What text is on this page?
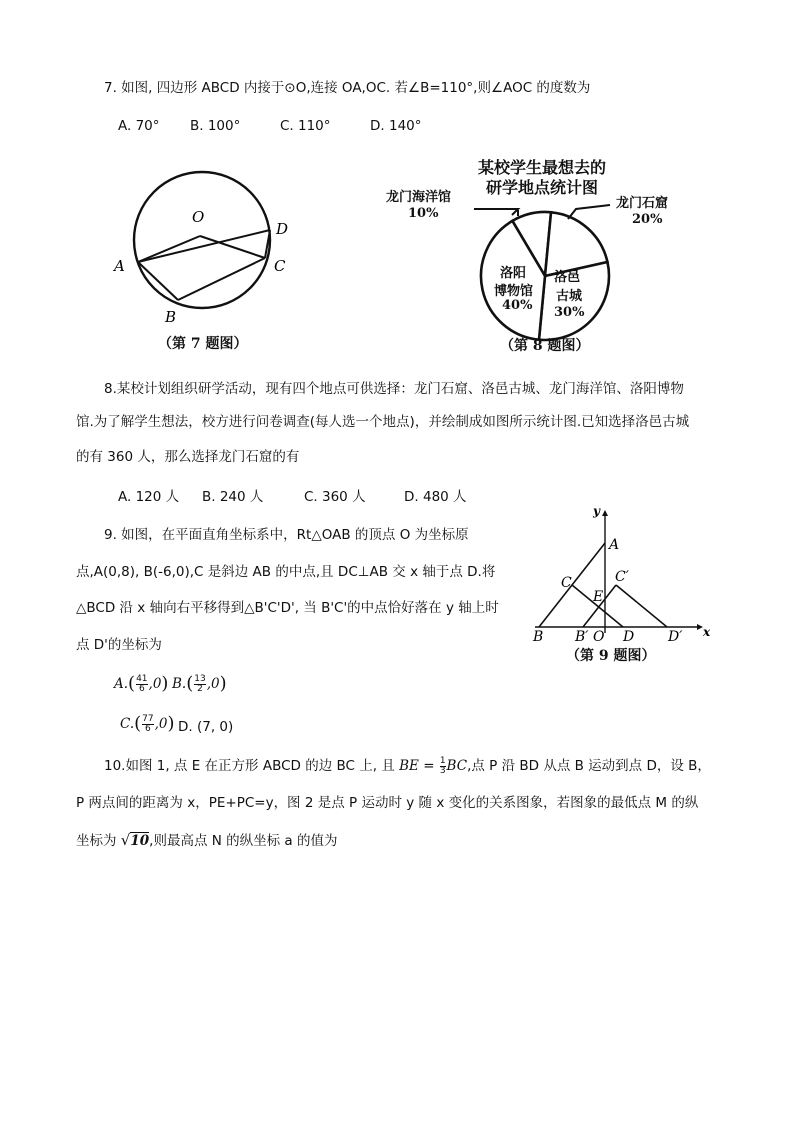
7. 如图, 四边形 ABCD 内接于⊙O,连接 OA,OC. 若∠B=110°,则∠AOC 的度数为
A. 70° B. 100°	C. 110°	D. 140°
O
A
B
C
D
（第 7 题图）
某校学生最想去的
研学地点统计图
龙门海洋馆
10%
龙门石窟
20%
洛阳
博物馆
40%
洛邑
古城
30%
（第 8 题图）
8.某校计划组织研学活动，现有四个地点可供选择：龙门石窟、洛邑古城、龙门海洋馆、洛阳博物
馆.为了解学生想法，校方进行问卷调查(每人选一个地点)，并绘制成如图所示统计图.已知选择洛邑古城
的有 360 人，那么选择龙门石窟的有
A. 120 人 B. 240 人	C. 360 人	D. 480 人
9. 如图，在平面直角坐标系中，Rt△OAB 的顶点 O 为坐标原
点,A(0,8), B(-6,0),C 是斜边 AB 的中点,且 DC⊥AB 交 x 轴于点 D.将
△BCD 沿 x 轴向右平移得到△B'C'D', 当 B'C'的中点恰好落在 y 轴上时
点 D'的坐标为
$A.( \frac{41}{6} ,0)$ $B.( \frac{13}{2} ,0)$
$C.( \frac{77}{6} ,0)$ D. (7, 0)
y
x
A
C	C′
E
B B′ O D D′
（第 9 题图）
10.如图 1, 点 E 在正方形 ABCD 的边 BC 上, 且 BE = $\frac{1}{3}$ BC,点 P 沿 BD 从点 B 运动到点 D，设 B，
P 两点间的距离为 x，PE+PC=y，图 2 是点 P 运动时 y 随 x 变化的关系图象，若图象的最低点 M 的纵
坐标为 √10,则最高点 N 的纵坐标 a 的值为
